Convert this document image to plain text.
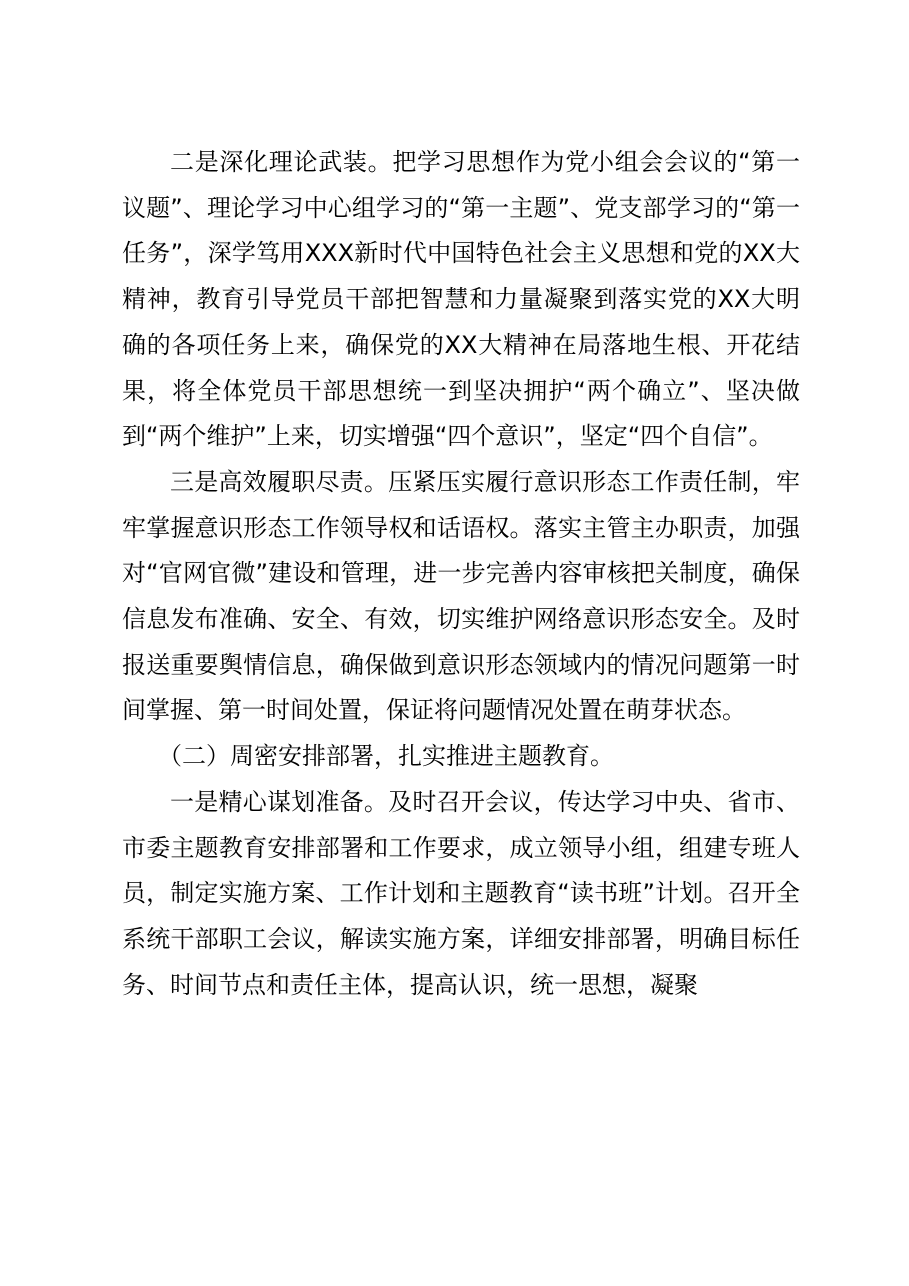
二是深化理论武装。把学习思想作为党小组会会议的“第一议题”、理论学习中心组学习的“第一主题”、党支部学习的“第一任务”，深学笃用XXX新时代中国特色社会主义思想和党的XX大精神，教育引导党员干部把智慧和力量凝聚到落实党的XX大明确的各项任务上来，确保党的XX大精神在局落地生根、开花结果，将全体党员干部思想统一到坚决拥护“两个确立”、坚决做到“两个维护”上来，切实增强“四个意识”，坚定“四个自信”。

三是高效履职尽责。压紧压实履行意识形态工作责任制，牢牢掌握意识形态工作领导权和话语权。落实主管主办职责，加强对“官网官微”建设和管理，进一步完善内容审核把关制度，确保信息发布准确、安全、有效，切实维护网络意识形态安全。及时报送重要舆情信息，确保做到意识形态领域内的情况问题第一时间掌握、第一时间处置，保证将问题情况处置在萌芽状态。

（二）周密安排部署，扎实推进主题教育。

一是精心谋划准备。及时召开会议，传达学习中央、省市、市委主题教育安排部署和工作要求，成立领导小组，组建专班人员，制定实施方案、工作计划和主题教育“读书班”计划。召开全系统干部职工会议，解读实施方案，详细安排部署，明确目标任务、时间节点和责任主体，提高认识，统一思想，凝聚
